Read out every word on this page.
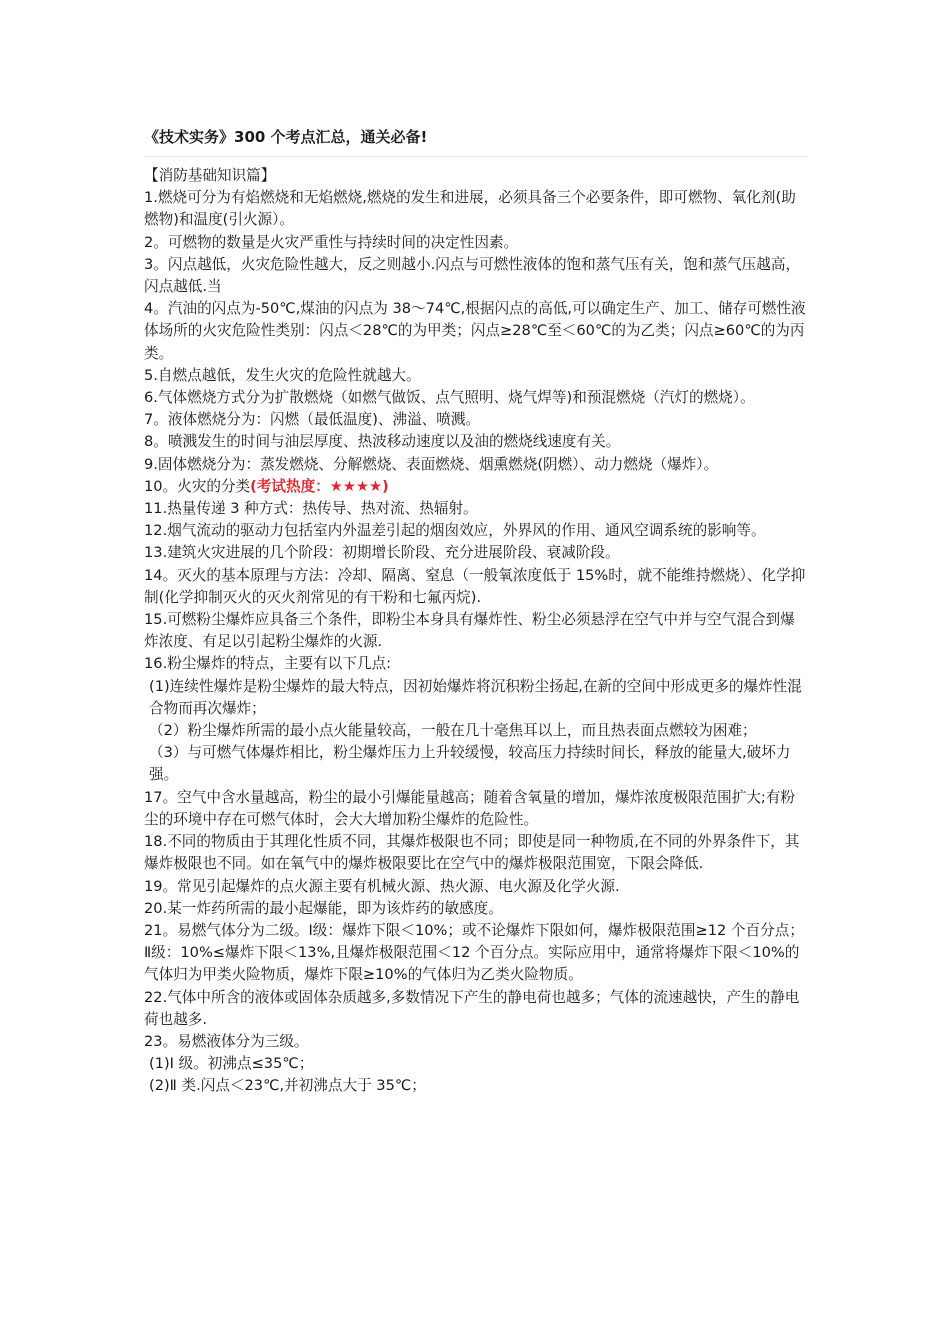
《技术实务》300 个考点汇总，通关必备!

【消防基础知识篇】

1.燃烧可分为有焰燃烧和无焰燃烧,燃烧的发生和进展，必须具备三个必要条件，即可燃物、氧化剂(助燃物)和温度(引火源）。

2。可燃物的数量是火灾严重性与持续时间的决定性因素。

3。闪点越低，火灾危险性越大，反之则越小.闪点与可燃性液体的饱和蒸气压有关，饱和蒸气压越高，闪点越低.当

4。汽油的闪点为-50℃,煤油的闪点为 38～74℃,根据闪点的高低,可以确定生产、加工、储存可燃性液体场所的火灾危险性类别：闪点＜28℃的为甲类；闪点≥28℃至＜60℃的为乙类；闪点≥60℃的为丙类。

5.自燃点越低，发生火灾的危险性就越大。

6.气体燃烧方式分为扩散燃烧（如燃气做饭、点气照明、烧气焊等)和预混燃烧（汽灯的燃烧）。

7。液体燃烧分为：闪燃（最低温度)、沸溢、喷溅。

8。喷溅发生的时间与油层厚度、热波移动速度以及油的燃烧线速度有关。

9.固体燃烧分为：蒸发燃烧、分解燃烧、表面燃烧、烟熏燃烧(阴燃）、动力燃烧（爆炸）。

10。火灾的分类(考试热度：★★★★)

11.热量传递 3 种方式：热传导、热对流、热辐射。

12.烟气流动的驱动力包括室内外温差引起的烟囱效应，外界风的作用、通风空调系统的影响等。

13.建筑火灾进展的几个阶段：初期增长阶段、充分进展阶段、衰减阶段。

14。灭火的基本原理与方法：冷却、隔离、窒息（一般氧浓度低于 15%时，就不能维持燃烧）、化学抑制(化学抑制灭火的灭火剂常见的有干粉和七氟丙烷).

15.可燃粉尘爆炸应具备三个条件，即粉尘本身具有爆炸性、粉尘必须悬浮在空气中并与空气混合到爆炸浓度、有足以引起粉尘爆炸的火源.

16.粉尘爆炸的特点，主要有以下几点:

(1)连续性爆炸是粉尘爆炸的最大特点，因初始爆炸将沉积粉尘扬起,在新的空间中形成更多的爆炸性混合物而再次爆炸；

（2）粉尘爆炸所需的最小点火能量较高，一般在几十毫焦耳以上，而且热表面点燃较为困难；

（3）与可燃气体爆炸相比，粉尘爆炸压力上升较缓慢，较高压力持续时间长，释放的能量大,破坏力强。

17。空气中含水量越高，粉尘的最小引爆能量越高；随着含氧量的增加，爆炸浓度极限范围扩大;有粉尘的环境中存在可燃气体时，会大大增加粉尘爆炸的危险性。

18.不同的物质由于其理化性质不同，其爆炸极限也不同；即使是同一种物质,在不同的外界条件下，其爆炸极限也不同。如在氧气中的爆炸极限要比在空气中的爆炸极限范围宽，下限会降低.

19。常见引起爆炸的点火源主要有机械火源、热火源、电火源及化学火源.

20.某一炸药所需的最小起爆能，即为该炸药的敏感度。

21。易燃气体分为二级。Ⅰ级：爆炸下限＜10%；或不论爆炸下限如何，爆炸极限范围≥12 个百分点；Ⅱ级：10%≤爆炸下限＜13%,且爆炸极限范围＜12 个百分点。实际应用中，通常将爆炸下限＜10%的气体归为甲类火险物质，爆炸下限≥10%的气体归为乙类火险物质。

22.气体中所含的液体或固体杂质越多,多数情况下产生的静电荷也越多；气体的流速越快，产生的静电荷也越多.

23。易燃液体分为三级。

(1)Ⅰ 级。初沸点≤35℃；

(2)Ⅱ 类.闪点＜23℃,并初沸点大于 35℃；
